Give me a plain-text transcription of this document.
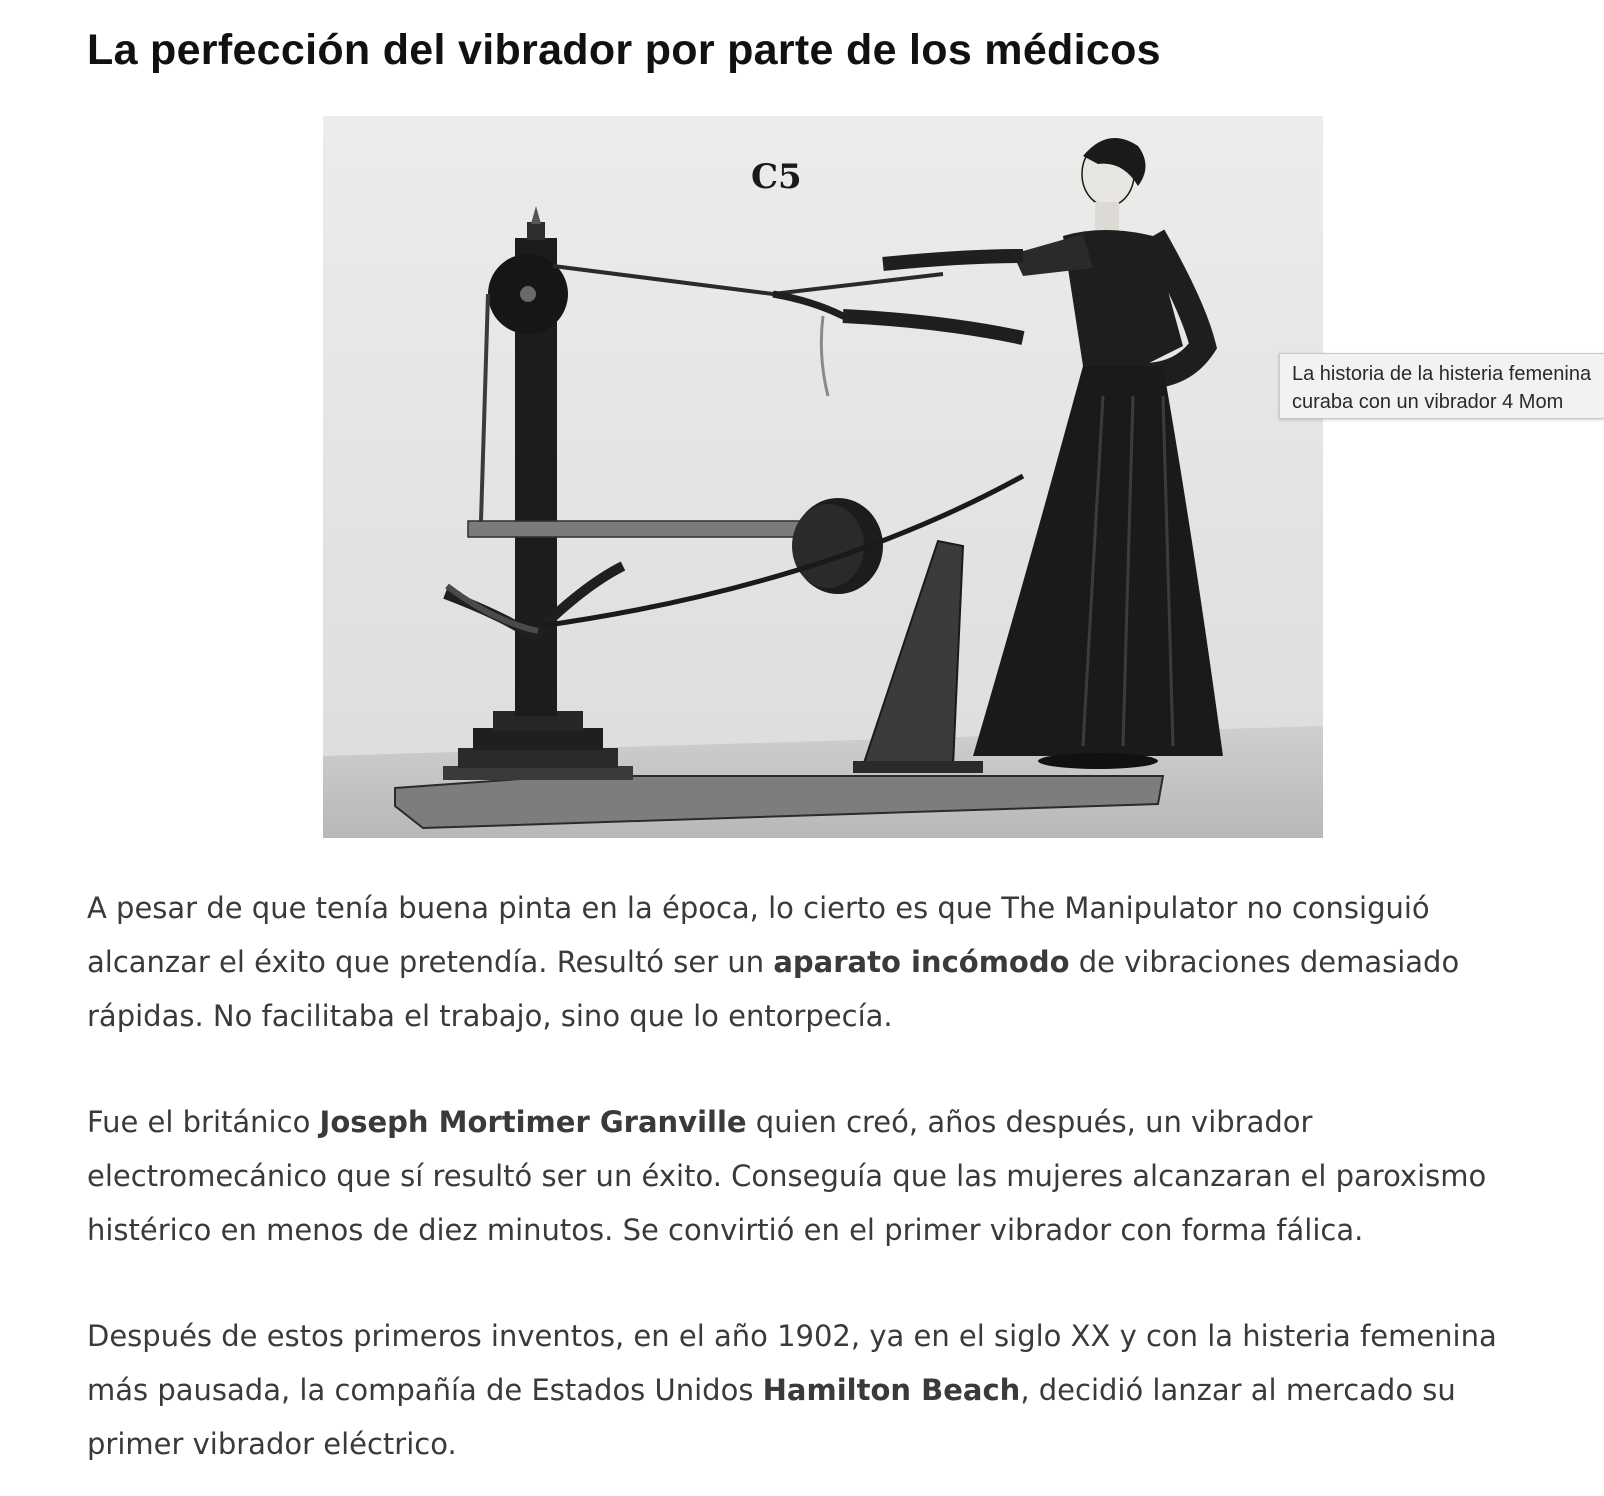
La perfección del vibrador por parte de los médicos
C5
La historia de la histeria femenina
curaba con un vibrador 4 Mom
A pesar de que tenía buena pinta en la época, lo cierto es que The Manipulator no consiguió
alcanzar el éxito que pretendía. Resultó ser un aparato incómodo de vibraciones demasiado
rápidas. No facilitaba el trabajo, sino que lo entorpecía.
Fue el británico Joseph Mortimer Granville quien creó, años después, un vibrador
electromecánico que sí resultó ser un éxito. Conseguía que las mujeres alcanzaran el paroxismo
histérico en menos de diez minutos. Se convirtió en el primer vibrador con forma fálica.
Después de estos primeros inventos, en el año 1902, ya en el siglo XX y con la histeria femenina
más pausada, la compañía de Estados Unidos Hamilton Beach, decidió lanzar al mercado su
primer vibrador eléctrico.
